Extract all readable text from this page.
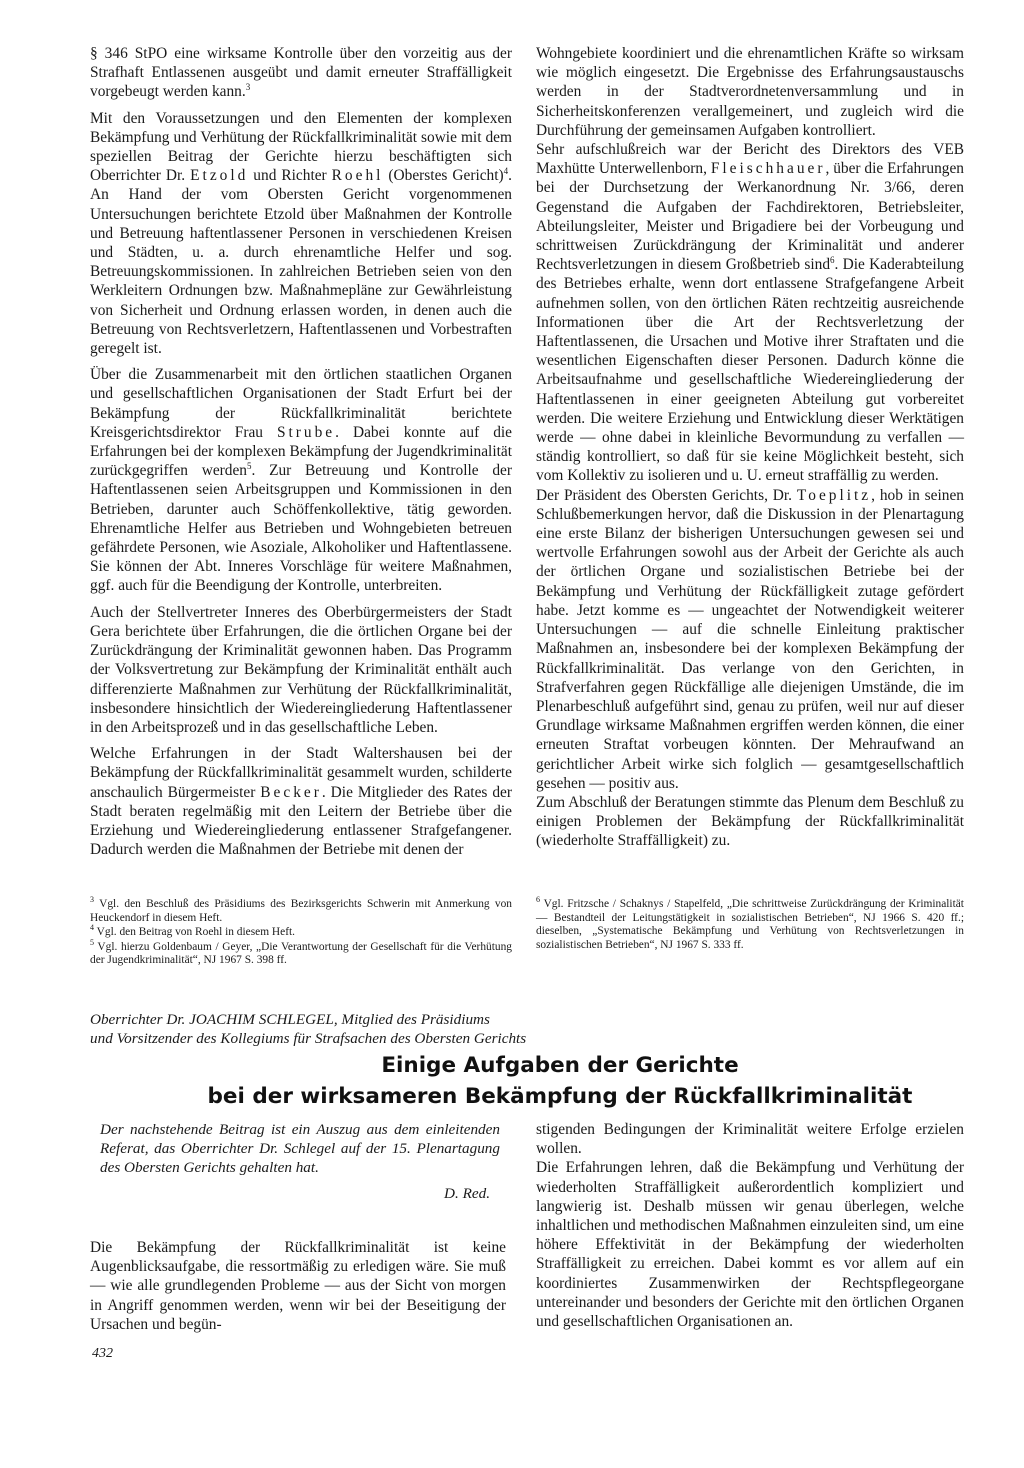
§ 346 StPO eine wirksame Kontrolle über den vorzeitig aus der Strafhaft Entlassenen ausgeübt und damit erneuter Straffälligkeit vorgebeugt werden kann.$^3$

Mit den Voraussetzungen und den Elementen der komplexen Bekämpfung und Verhütung der Rückfallkriminalität sowie mit dem speziellen Beitrag der Gerichte hierzu beschäftigten sich Oberrichter Dr. Etzold und Richter Roehl (Oberstes Gericht)$^4$. An Hand der vom Obersten Gericht vorgenommenen Untersuchungen berichtete Etzold über Maßnahmen der Kontrolle und Betreuung haftentlassener Personen in verschiedenen Kreisen und Städten, u. a. durch ehrenamtliche Helfer und sog. Betreuungskommissionen. In zahlreichen Betrieben seien von den Werkleitern Ordnungen bzw. Maßnahmepläne zur Gewährleistung von Sicherheit und Ordnung erlassen worden, in denen auch die Betreuung von Rechtsverletzern, Haftentlassenen und Vorbestraften geregelt ist.

Über die Zusammenarbeit mit den örtlichen staatlichen Organen und gesellschaftlichen Organisationen der Stadt Erfurt bei der Bekämpfung der Rückfallkriminalität berichtete Kreisgerichtsdirektor Frau Strube. Dabei konnte auf die Erfahrungen bei der komplexen Bekämpfung der Jugendkriminalität zurückgegriffen werden$^5$. Zur Betreuung und Kontrolle der Haftentlassenen seien Arbeitsgruppen und Kommissionen in den Betrieben, darunter auch Schöffenkollektive, tätig geworden. Ehrenamtliche Helfer aus Betrieben und Wohngebieten betreuen gefährdete Personen, wie Asoziale, Alkoholiker und Haftentlassene. Sie können der Abt. Inneres Vorschläge für weitere Maßnahmen, ggf. auch für die Beendigung der Kontrolle, unterbreiten.

Auch der Stellvertreter Inneres des Oberbürgermeisters der Stadt Gera berichtete über Erfahrungen, die die örtlichen Organe bei der Zurückdrängung der Kriminalität gewonnen haben. Das Programm der Volksvertretung zur Bekämpfung der Kriminalität enthält auch differenzierte Maßnahmen zur Verhütung der Rückfallkriminalität, insbesondere hinsichtlich der Wiedereingliederung Haftentlassener in den Arbeitsprozeß und in das gesellschaftliche Leben.

Welche Erfahrungen in der Stadt Waltershausen bei der Bekämpfung der Rückfallkriminalität gesammelt wurden, schilderte anschaulich Bürgermeister Becker. Die Mitglieder des Rates der Stadt beraten regelmäßig mit den Leitern der Betriebe über die Erziehung und Wiedereingliederung entlassener Strafgefangener. Dadurch werden die Maßnahmen der Betriebe mit denen der

Wohngebiete koordiniert und die ehrenamtlichen Kräfte so wirksam wie möglich eingesetzt. Die Ergebnisse des Erfahrungsaustauschs werden in der Stadtverordnetenversammlung und in Sicherheitskonferenzen verallgemeinert, und zugleich wird die Durchführung der gemeinsamen Aufgaben kontrolliert.

Sehr aufschlußreich war der Bericht des Direktors des VEB Maxhütte Unterwellenborn, Fleischhauer, über die Erfahrungen bei der Durchsetzung der Werkanordnung Nr. 3/66, deren Gegenstand die Aufgaben der Fachdirektoren, Betriebsleiter, Abteilungsleiter, Meister und Brigadiere bei der Vorbeugung und schrittweisen Zurückdrängung der Kriminalität und anderer Rechtsverletzungen in diesem Großbetrieb sind$^6$. Die Kaderabteilung des Betriebes erhalte, wenn dort entlassene Strafgefangene Arbeit aufnehmen sollen, von den örtlichen Räten rechtzeitig ausreichende Informationen über die Art der Rechtsverletzung der Haftentlassenen, die Ursachen und Motive ihrer Straftaten und die wesentlichen Eigenschaften dieser Personen. Dadurch könne die Arbeitsaufnahme und gesellschaftliche Wiedereingliederung der Haftentlassenen in einer geeigneten Abteilung gut vorbereitet werden. Die weitere Erziehung und Entwicklung dieser Werktätigen werde — ohne dabei in kleinliche Bevormundung zu verfallen — ständig kontrolliert, so daß für sie keine Möglichkeit besteht, sich vom Kollektiv zu isolieren und u. U. erneut straffällig zu werden.

Der Präsident des Obersten Gerichts, Dr. Toeplitz, hob in seinen Schlußbemerkungen hervor, daß die Diskussion in der Plenartagung eine erste Bilanz der bisherigen Untersuchungen gewesen sei und wertvolle Erfahrungen sowohl aus der Arbeit der Gerichte als auch der örtlichen Organe und sozialistischen Betriebe bei der Bekämpfung und Verhütung der Rückfälligkeit zutage gefördert habe. Jetzt komme es — ungeachtet der Notwendigkeit weiterer Untersuchungen — auf die schnelle Einleitung praktischer Maßnahmen an, insbesondere bei der komplexen Bekämpfung der Rückfallkriminalität. Das verlange von den Gerichten, in Strafverfahren gegen Rückfällige alle diejenigen Umstände, die im Plenarbeschluß aufgeführt sind, genau zu prüfen, weil nur auf dieser Grundlage wirksame Maßnahmen ergriffen werden können, die einer erneuten Straftat vorbeugen könnten. Der Mehraufwand an gerichtlicher Arbeit wirke sich folglich — gesamtgesellschaftlich gesehen — positiv aus.

Zum Abschluß der Beratungen stimmte das Plenum dem Beschluß zu einigen Problemen der Bekämpfung der Rückfallkriminalität (wiederholte Straffälligkeit) zu.

$^3$ Vgl. den Beschluß des Präsidiums des Bezirksgerichts Schwerin mit Anmerkung von Heuckendorf in diesem Heft.

$^4$ Vgl. den Beitrag von Roehl in diesem Heft.

$^5$ Vgl. hierzu Goldenbaum / Geyer, „Die Verantwortung der Gesellschaft für die Verhütung der Jugendkriminalität“, NJ 1967 S. 398 ff.

$^6$ Vgl. Fritzsche / Schaknys / Stapelfeld, „Die schrittweise Zurückdrängung der Kriminalität — Bestandteil der Leitungstätigkeit in sozialistischen Betrieben“, NJ 1966 S. 420 ff.; dieselben, „Systematische Bekämpfung und Verhütung von Rechtsverletzungen in sozialistischen Betrieben“, NJ 1967 S. 333 ff.

Oberrichter Dr. JOACHIM SCHLEGEL, Mitglied des Präsidiums
und Vorsitzender des Kollegiums für Strafsachen des Obersten Gerichts
Einige Aufgaben der Gerichte
bei der wirksameren Bekämpfung der Rückfallkriminalität
Der nachstehende Beitrag ist ein Auszug aus dem einleitenden Referat, das Oberrichter Dr. Schlegel auf der 15. Plenartagung des Obersten Gerichts gehalten hat.
D. Red.

Die Bekämpfung der Rückfallkriminalität ist keine Augenblicksaufgabe, die ressortmäßig zu erledigen wäre. Sie muß — wie alle grundlegenden Probleme — aus der Sicht von morgen in Angriff genommen werden, wenn wir bei der Beseitigung der Ursachen und begün-

stigenden Bedingungen der Kriminalität weitere Erfolge erzielen wollen.

Die Erfahrungen lehren, daß die Bekämpfung und Verhütung der wiederholten Straffälligkeit außerordentlich kompliziert und langwierig ist. Deshalb müssen wir genau überlegen, welche inhaltlichen und methodischen Maßnahmen einzuleiten sind, um eine höhere Effektivität in der Bekämpfung der wiederholten Straffälligkeit zu erreichen. Dabei kommt es vor allem auf ein koordiniertes Zusammenwirken der Rechtspflegeorgane untereinander und besonders der Gerichte mit den örtlichen Organen und gesellschaftlichen Organisationen an.

432
